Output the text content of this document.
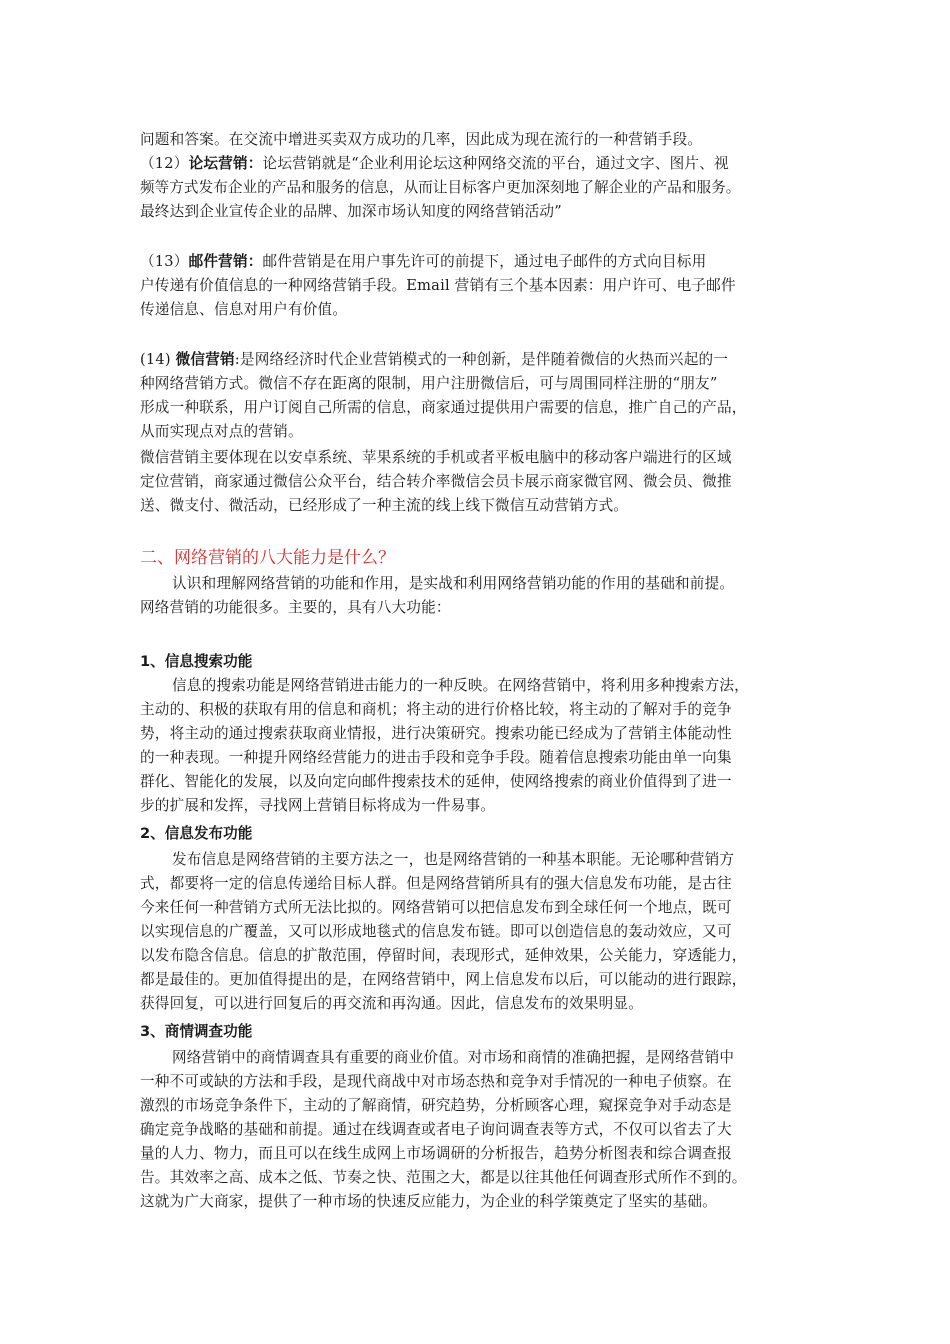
问题和答案。在交流中增进买卖双方成功的几率，因此成为现在流行的一种营销手段。
（12）论坛营销：论坛营销就是“企业利用论坛这种网络交流的平台，通过文字、图片、视
频等方式发布企业的产品和服务的信息，从而让目标客户更加深刻地了解企业的产品和服务。
最终达到企业宣传企业的品牌、加深市场认知度的网络营销活动”
（13）邮件营销：邮件营销是在用户事先许可的前提下，通过电子邮件的方式向目标用
户传递有价值信息的一种网络营销手段。Email 营销有三个基本因素：用户许可、电子邮件
传递信息、信息对用户有价值。
(14) 微信营销:是网络经济时代企业营销模式的一种创新，是伴随着微信的火热而兴起的一
种网络营销方式。微信不存在距离的限制，用户注册微信后，可与周围同样注册的“朋友”
形成一种联系，用户订阅自己所需的信息，商家通过提供用户需要的信息，推广自己的产品，
从而实现点对点的营销。
微信营销主要体现在以安卓系统、苹果系统的手机或者平板电脑中的移动客户端进行的区域
定位营销，商家通过微信公众平台，结合转介率微信会员卡展示商家微官网、微会员、微推
送、微支付、微活动，已经形成了一种主流的线上线下微信互动营销方式。
二、网络营销的八大能力是什么？
认识和理解网络营销的功能和作用，是实战和利用网络营销功能的作用的基础和前提。
网络营销的功能很多。主要的，具有八大功能：
1、信息搜索功能
信息的搜索功能是网络营销进击能力的一种反映。在网络营销中，将利用多种搜索方法，
主动的、积极的获取有用的信息和商机；将主动的进行价格比较，将主动的了解对手的竞争
势，将主动的通过搜索获取商业情报，进行决策研究。搜索功能已经成为了营销主体能动性
的一种表现。一种提升网络经营能力的进击手段和竞争手段。随着信息搜索功能由单一向集
群化、智能化的发展，以及向定向邮件搜索技术的延伸，使网络搜索的商业价值得到了进一
步的扩展和发挥，寻找网上营销目标将成为一件易事。
2、信息发布功能
发布信息是网络营销的主要方法之一，也是网络营销的一种基本职能。无论哪种营销方
式，都要将一定的信息传递给目标人群。但是网络营销所具有的强大信息发布功能，是古往
今来任何一种营销方式所无法比拟的。网络营销可以把信息发布到全球任何一个地点，既可
以实现信息的广覆盖，又可以形成地毯式的信息发布链。即可以创造信息的轰动效应，又可
以发布隐含信息。信息的扩散范围，停留时间，表现形式，延伸效果，公关能力，穿透能力，
都是最佳的。更加值得提出的是，在网络营销中，网上信息发布以后，可以能动的进行跟踪，
获得回复，可以进行回复后的再交流和再沟通。因此，信息发布的效果明显。
3、商情调查功能
网络营销中的商情调查具有重要的商业价值。对市场和商情的准确把握，是网络营销中
一种不可或缺的方法和手段，是现代商战中对市场态热和竞争对手情况的一种电子侦察。在
激烈的市场竞争条件下，主动的了解商情，研究趋势，分析顾客心理，窥探竞争对手动态是
确定竞争战略的基础和前提。通过在线调查或者电子询问调查表等方式，不仅可以省去了大
量的人力、物力，而且可以在线生成网上市场调研的分析报告，趋势分析图表和综合调查报
告。其效率之高、成本之低、节奏之快、范围之大，都是以往其他任何调查形式所作不到的。
这就为广大商家，提供了一种市场的快速反应能力，为企业的科学策奠定了坚实的基础。
